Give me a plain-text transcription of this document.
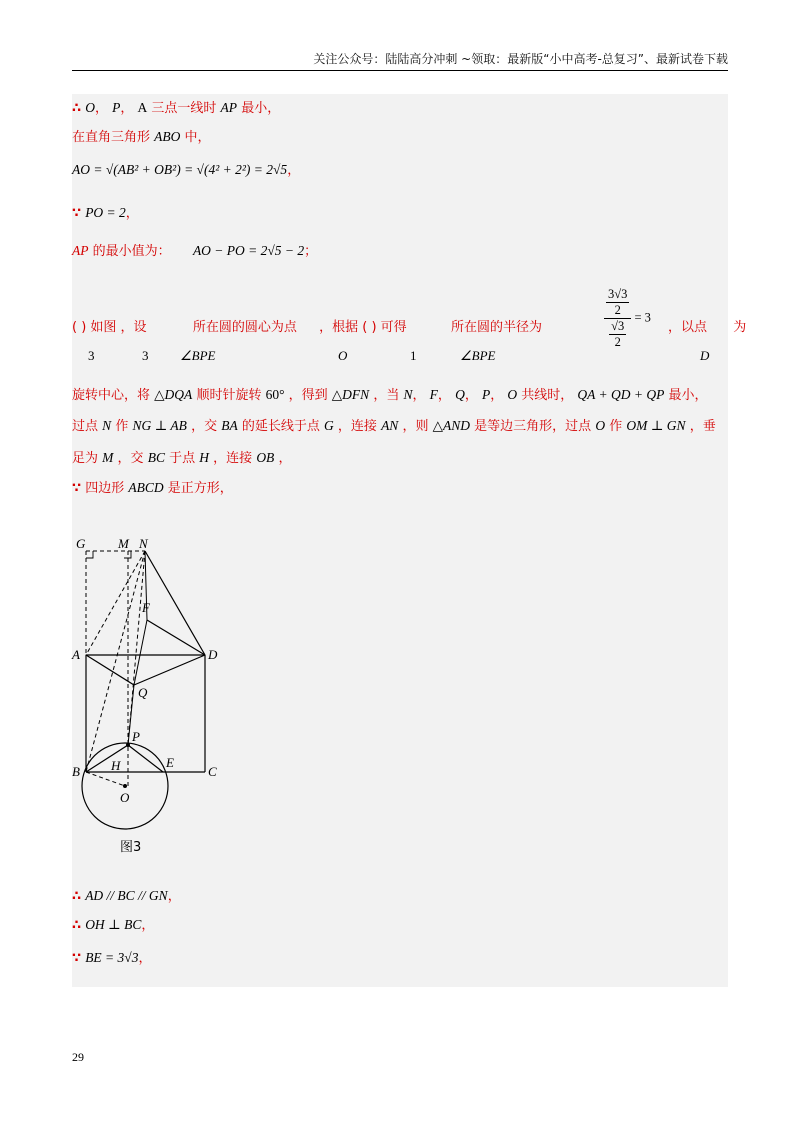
关注公众号：陆陆高分冲刺 ~领取：最新版“小中高考-总复习”、最新试卷下载
∴ O， P， A 三点一线时 AP 最小，
在直角三角形 ABO 中，
AO = √(AB² + OB²) = √(4² + 2²) = 2√5，
∵ PO = 2，
AP 的最小值为： AO − PO = 2√5 − 2；
( ) 如图 ，设	所在圆的圆心为点 ，根据 ( ) 可得	所在圆的半径为	$\frac{\frac{3√3}{2}}{\frac{√3}{2}} = 3$
，以点 为
3	3 ∠BPE	O	1	∠BPE	D
旋转中心，将 △DQA 顺时针旋转 60° ，得到 △DFN ，当 N， F， Q， P， O 共线时， QA + QD + QP 最小，
过点 N 作 NG ⊥ AB ，交 BA 的延长线于点 G ，连接 AN ，则 △AND 是等边三角形，过点 O 作 OM ⊥ GN ，垂
足为 M ，交 BC 于点 H ，连接 OB ，
∵ 四边形 ABCD 是正方形，
G	M N
F
A	D
Q
P
B H	E
C
O
图3
∴ AD // BC // GN，
∴ OH ⊥ BC，
∵ BE = 3√3，
29
